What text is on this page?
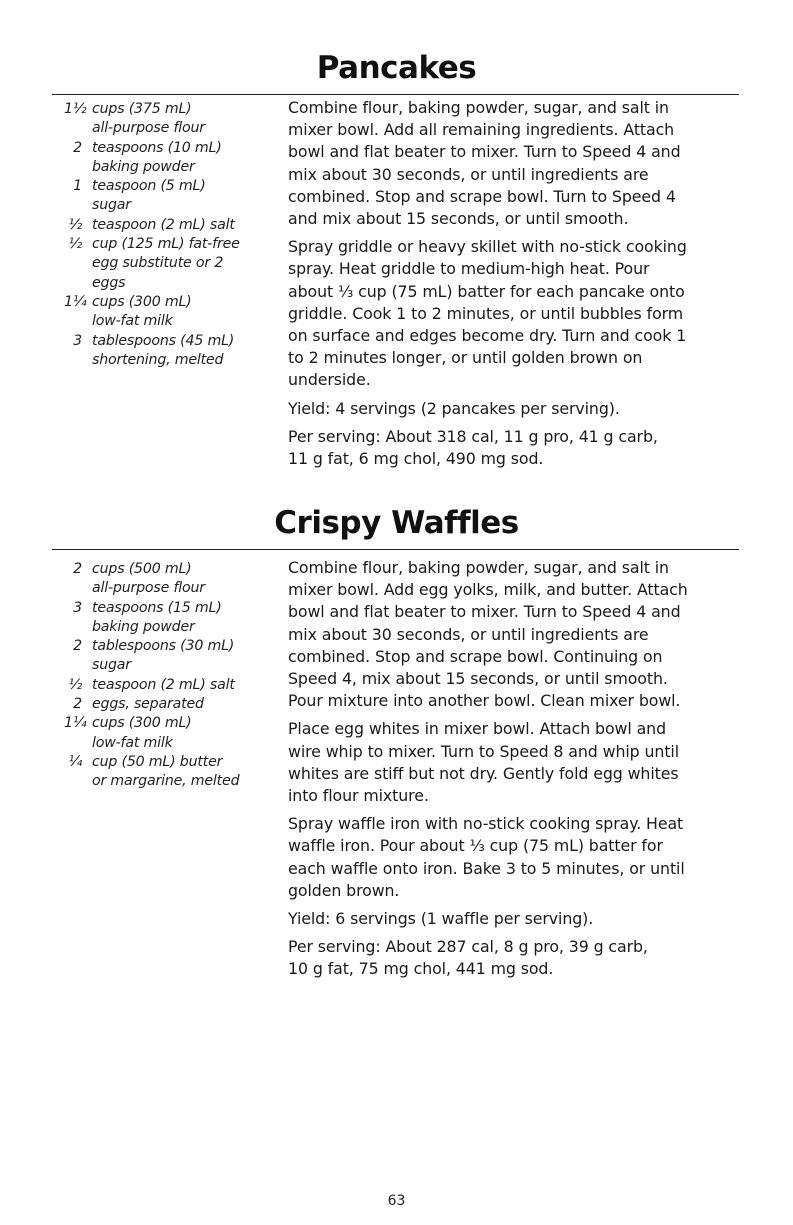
Pancakes
1½ cups (375 mL)
all-purpose flour
2 teaspoons (10 mL)
baking powder
1 teaspoon (5 mL)
sugar
½ teaspoon (2 mL) salt
½ cup (125 mL) fat-free
egg substitute or 2
eggs
1¼ cups (300 mL)
low-fat milk
3 tablespoons (45 mL)
shortening, melted

Combine flour, baking powder, sugar, and salt in
mixer bowl. Add all remaining ingredients. Attach
bowl and flat beater to mixer. Turn to Speed 4 and
mix about 30 seconds, or until ingredients are
combined. Stop and scrape bowl. Turn to Speed 4
and mix about 15 seconds, or until smooth.

Spray griddle or heavy skillet with no-stick cooking
spray. Heat griddle to medium-high heat. Pour
about ⅓ cup (75 mL) batter for each pancake onto
griddle. Cook 1 to 2 minutes, or until bubbles form
on surface and edges become dry. Turn and cook 1
to 2 minutes longer, or until golden brown on
underside.

Yield: 4 servings (2 pancakes per serving).

Per serving: About 318 cal, 11 g pro, 41 g carb,
11 g fat, 6 mg chol, 490 mg sod.

Crispy Waffles
2 cups (500 mL)
all-purpose flour
3 teaspoons (15 mL)
baking powder
2 tablespoons (30 mL)
sugar
½ teaspoon (2 mL) salt
2 eggs, separated
1¼ cups (300 mL)
low-fat milk
¼ cup (50 mL) butter
or margarine, melted

Combine flour, baking powder, sugar, and salt in
mixer bowl. Add egg yolks, milk, and butter. Attach
bowl and flat beater to mixer. Turn to Speed 4 and
mix about 30 seconds, or until ingredients are
combined. Stop and scrape bowl. Continuing on
Speed 4, mix about 15 seconds, or until smooth.
Pour mixture into another bowl. Clean mixer bowl.

Place egg whites in mixer bowl. Attach bowl and
wire whip to mixer. Turn to Speed 8 and whip until
whites are stiff but not dry. Gently fold egg whites
into flour mixture.

Spray waffle iron with no-stick cooking spray. Heat
waffle iron. Pour about ⅓ cup (75 mL) batter for
each waffle onto iron. Bake 3 to 5 minutes, or until
golden brown.

Yield: 6 servings (1 waffle per serving).

Per serving: About 287 cal, 8 g pro, 39 g carb,
10 g fat, 75 mg chol, 441 mg sod.

63
